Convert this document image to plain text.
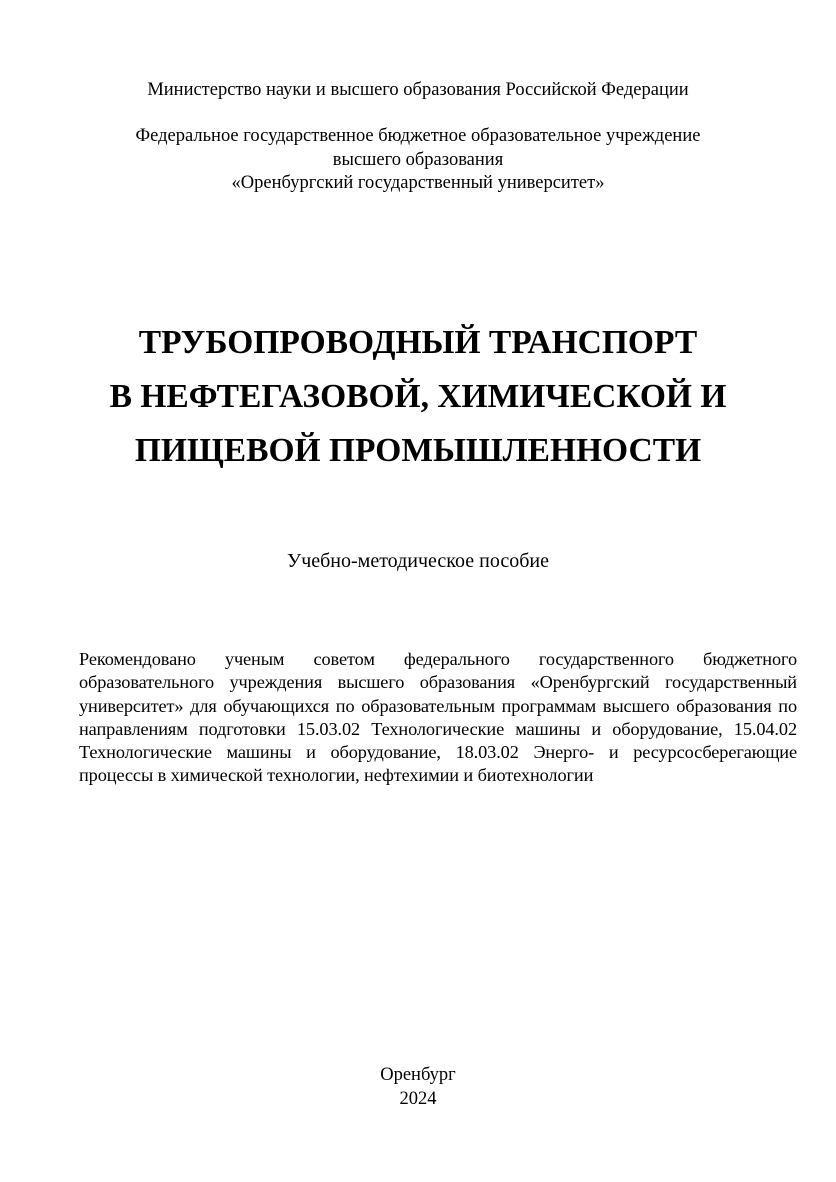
Министерство науки и высшего образования Российской Федерации
Федеральное государственное бюджетное образовательное учреждение
высшего образования
«Оренбургский государственный университет»
ТРУБОПРОВОДНЫЙ ТРАНСПОРТ
В НЕФТЕГАЗОВОЙ, ХИМИЧЕСКОЙ И
ПИЩЕВОЙ ПРОМЫШЛЕННОСТИ
Учебно-методическое пособие
Рекомендовано ученым советом федерального государственного бюджетного образовательного учреждения высшего образования «Оренбургский государственный университет» для обучающихся по образовательным программам высшего образования по направлениям подготовки 15.03.02 Технологические машины и оборудование, 15.04.02 Технологические машины и оборудование, 18.03.02 Энерго- и ресурсосберегающие процессы в химической технологии, нефтехимии и биотехнологии
Оренбург
2024
